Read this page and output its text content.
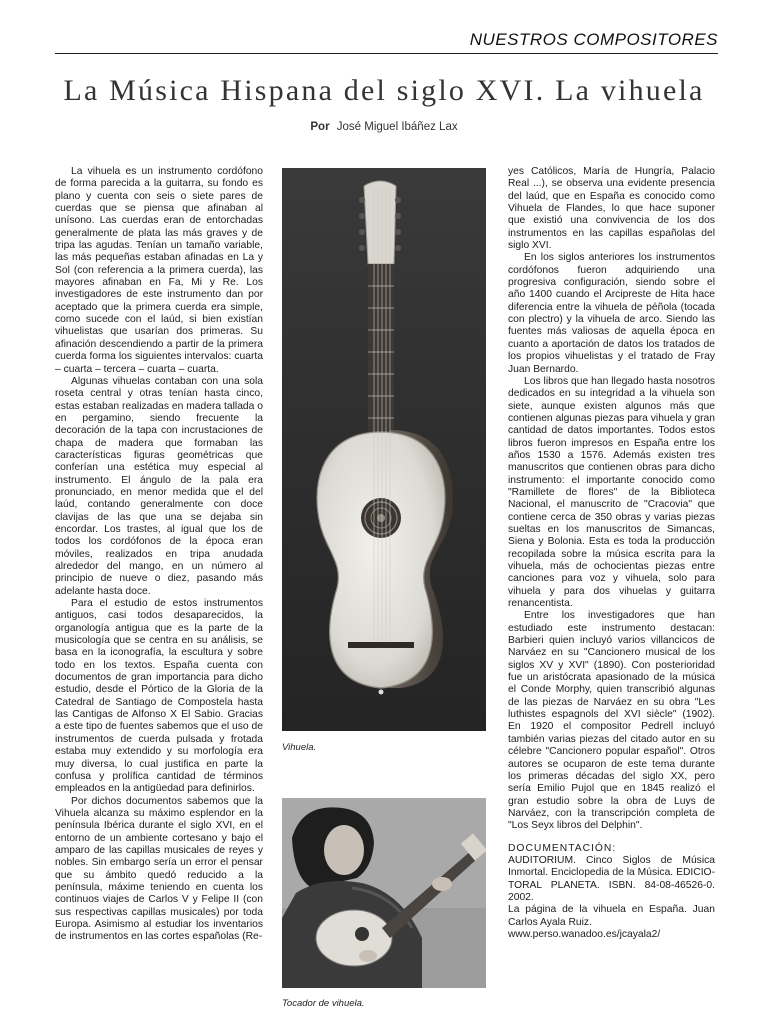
NUESTROS COMPOSITORES
La Música Hispana del siglo XVI. La vihuela
Por José Miguel Ibáñez Lax

La vihuela es un instrumento cordófono de forma parecida a la guitarra, su fondo es plano y cuenta con seis o siete pares de cuerdas que se piensa que afinaban al unísono. Las cuerdas eran de entorchadas generalmente de plata las más graves y de tripa las agudas. Tenían un tamaño variable, las más pequeñas estaban afinadas en La y Sol (con referencia a la primera cuerda), las mayores afinaban en Fa, Mi y Re. Los investigadores de este instrumento dan por aceptado que la primera cuerda era simple, como sucede con el laúd, si bien existían vihuelistas que usarían dos primeras. Su afinación descendiendo a partir de la primera cuerda forma los siguientes intervalos: cuarta – cuarta – tercera – cuarta – cuarta.

Algunas vihuelas contaban con una sola roseta central y otras tenían hasta cinco, estas estaban realizadas en madera tallada o en pergamino, siendo frecuente la decoración de la tapa con incrustaciones de chapa de madera que formaban las características figuras geométricas que conferían una estética muy especial al instrumento. El ángulo de la pala era pronunciado, en menor medida que el del laúd, contando generalmente con doce clavijas de las que una se dejaba sin encordar. Los trastes, al igual que los de todos los cordófonos de la época eran móviles, realizados en tripa anudada alrededor del mango, en un número al principio de nueve o diez, pasando más adelante hasta doce.

Para el estudio de estos instrumentos antiguos, casi todos desaparecidos, la organología antigua que es la parte de la musicología que se centra en su análisis, se basa en la iconografía, la escultura y sobre todo en los textos. España cuenta con documentos de gran importancia para dicho estudio, desde el Pórtico de la Gloria de la Catedral de Santiago de Compostela hasta las Cantigas de Alfonso X El Sabio. Gracias a este tipo de fuentes sabemos que el uso de instrumentos de cuerda pulsada y frotada estaba muy extendido y su morfología era muy diversa, lo cual justifica en parte la confusa y prolífica cantidad de términos empleados en la antigüedad para definirlos.

Por dichos documentos sabemos que la Vihuela alcanza su máximo esplendor en la península Ibérica durante el siglo XVI, en el entorno de un ambiente cortesano y bajo el amparo de las capillas musicales de reyes y nobles. Sin embargo sería un error el pensar que su ámbito quedó reducido a la península, máxime teniendo en cuenta los continuos viajes de Carlos V y Felipe II (con sus respectivas capillas musicales) por toda Europa. Asimismo al estudiar los inventarios de instrumentos en las cortes españolas (Re-

Vihuela.
Tocador de vihuela.

yes Católicos, María de Hungría, Palacio Real ...), se observa una evidente presencia del laúd, que en España es conocido como Vihuela de Flandes, lo que hace suponer que existió una convivencia de los dos instrumentos en las capillas españolas del siglo XVI.

En los siglos anteriores los instrumentos cordófonos fueron adquiriendo una progresiva configuración, siendo sobre el año 1400 cuando el Arcipreste de Hita hace diferencia entre la vihuela de péñola (tocada con plectro) y la vihuela de arco. Siendo las fuentes más valiosas de aquella época en cuanto a aportación de datos los tratados de los propios vihuelistas y el tratado de Fray Juan Bernardo.

Los libros que han llegado hasta nosotros dedicados en su integridad a la vihuela son siete, aunque existen algunos más que contienen algunas piezas para vihuela y gran cantidad de datos importantes. Todos estos libros fueron impresos en España entre los años 1530 a 1576. Además existen tres manuscritos que contienen obras para dicho instrumento: el importante conocido como "Ramillete de flores" de la Biblioteca Nacional, el manuscrito de "Cracovia" que contiene cerca de 350 obras y varias piezas sueltas en los manuscritos de Simancas, Siena y Bolonia. Esta es toda la producción recopilada sobre la música escrita para la vihuela, más de ochocientas piezas entre canciones para voz y vihuela, solo para vihuela y para dos vihuelas y guitarra renancentista.

Entre los investigadores que han estudiado este instrumento destacan: Barbieri quien incluyó varios villancicos de Narváez en su "Cancionero musical de los siglos XV y XVI" (1890). Con posterioridad fue un aristócrata apasionado de la música el Conde Morphy, quien transcribió algunas de las piezas de Narváez en su obra "Les luthistes espagnols del XVI siècle" (1902). En 1920 el compositor Pedrell incluyó también varias piezas del citado autor en su célebre "Cancionero popular español". Otros autores se ocuparon de este tema durante los primeras décadas del siglo XX, pero sería Emilio Pujol que en 1845 realizó el gran estudio sobre la obra de Luys de Narváez, con la transcripción completa de "Los Seyx libros del Delphin".

DOCUMENTACIÓN:

AUDITORIUM. Cinco Siglos de Música Inmortal. Enciclopedia de la Música. EDICIO-TORAL PLANETA. ISBN. 84-08-46526-0. 2002.

La página de la vihuela en España. Juan Carlos Ayala Ruiz.

www.perso.wanadoo.es/jcayala2/
